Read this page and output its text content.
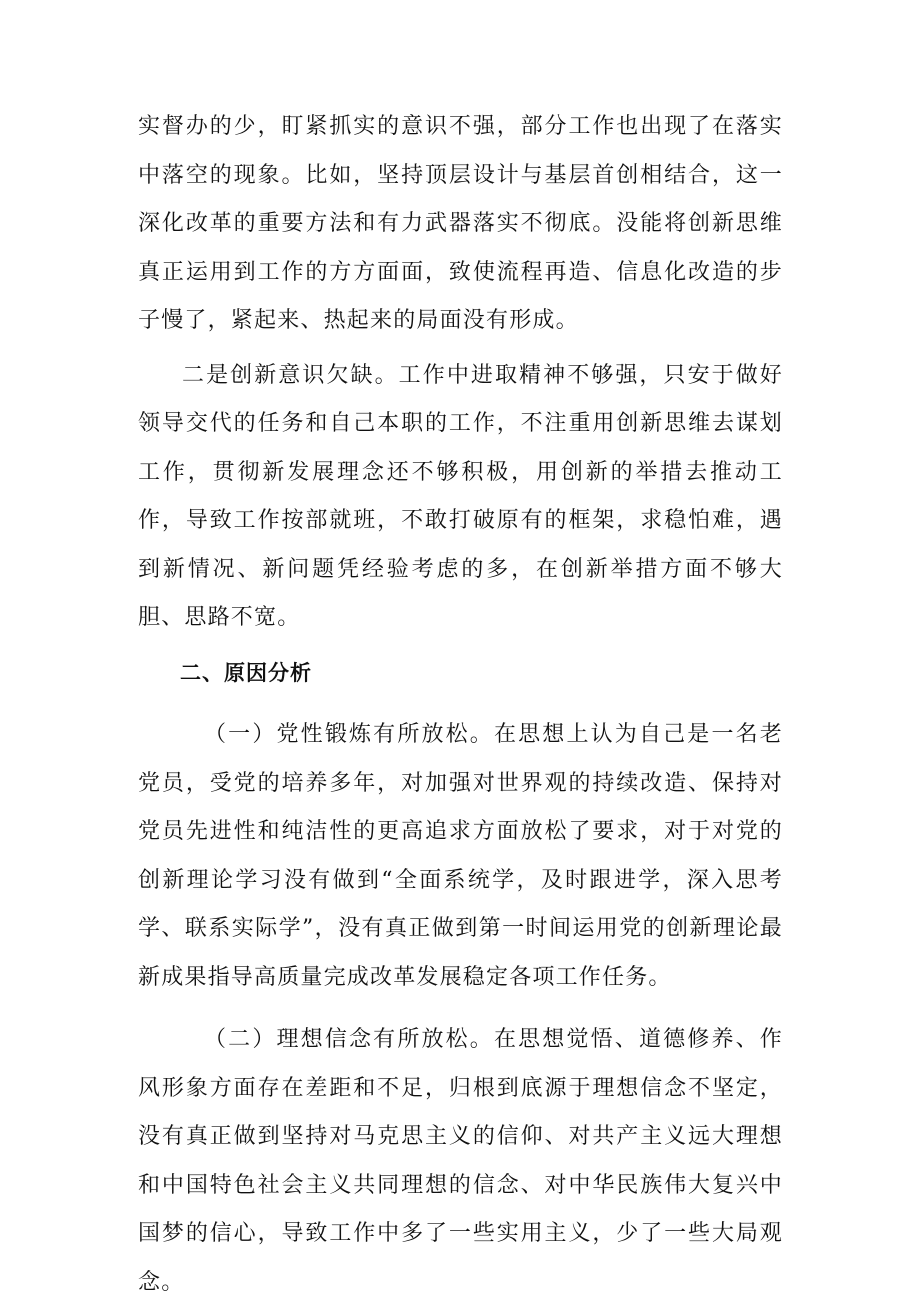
实督办的少，盯紧抓实的意识不强，部分工作也出现了在落实中落空的现象。比如，坚持顶层设计与基层首创相结合，这一深化改革的重要方法和有力武器落实不彻底。没能将创新思维真正运用到工作的方方面面，致使流程再造、信息化改造的步子慢了，紧起来、热起来的局面没有形成。

二是创新意识欠缺。工作中进取精神不够强，只安于做好领导交代的任务和自己本职的工作，不注重用创新思维去谋划工作，贯彻新发展理念还不够积极，用创新的举措去推动工作，导致工作按部就班，不敢打破原有的框架，求稳怕难，遇到新情况、新问题凭经验考虑的多，在创新举措方面不够大胆、思路不宽。

二、原因分析

（一）党性锻炼有所放松。在思想上认为自己是一名老党员，受党的培养多年，对加强对世界观的持续改造、保持对党员先进性和纯洁性的更高追求方面放松了要求，对于对党的创新理论学习没有做到“全面系统学，及时跟进学，深入思考学、联系实际学”，没有真正做到第一时间运用党的创新理论最新成果指导高质量完成改革发展稳定各项工作任务。

（二）理想信念有所放松。在思想觉悟、道德修养、作风形象方面存在差距和不足，归根到底源于理想信念不坚定，没有真正做到坚持对马克思主义的信仰、对共产主义远大理想和中国特色社会主义共同理想的信念、对中华民族伟大复兴中国梦的信心，导致工作中多了一些实用主义，少了一些大局观念。
